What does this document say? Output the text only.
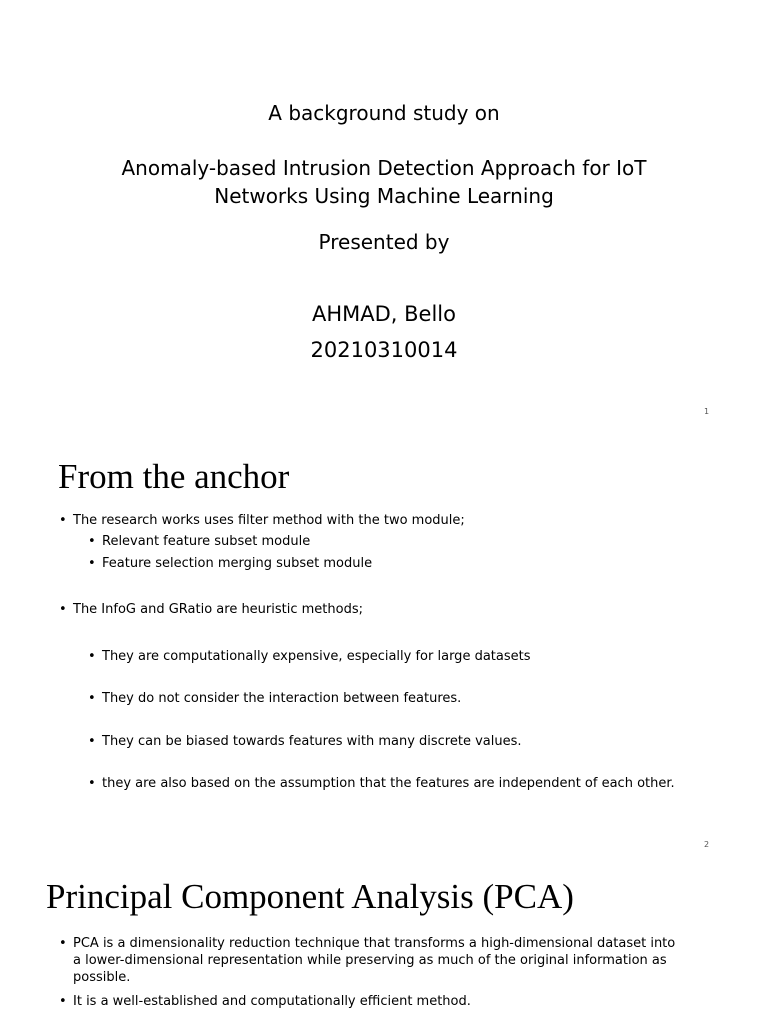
A background study on
Anomaly-based Intrusion Detection Approach for IoT
Networks Using Machine Learning
Presented by
AHMAD, Bello
20210310014
1
From the anchor
• The research works uses filter method with the two module;
• Relevant feature subset module
• Feature selection merging subset module
• The InfoG and GRatio are heuristic methods;
• They are computationally expensive, especially for large datasets
• They do not consider the interaction between features.
• They can be biased towards features with many discrete values.
• they are also based on the assumption that the features are independent of each other.
2
Principal Component Analysis (PCA)
• PCA is a dimensionality reduction technique that transforms a high-dimensional dataset into a lower-dimensional representation while preserving as much of the original information as possible.
• It is a well-established and computationally efficient method.
